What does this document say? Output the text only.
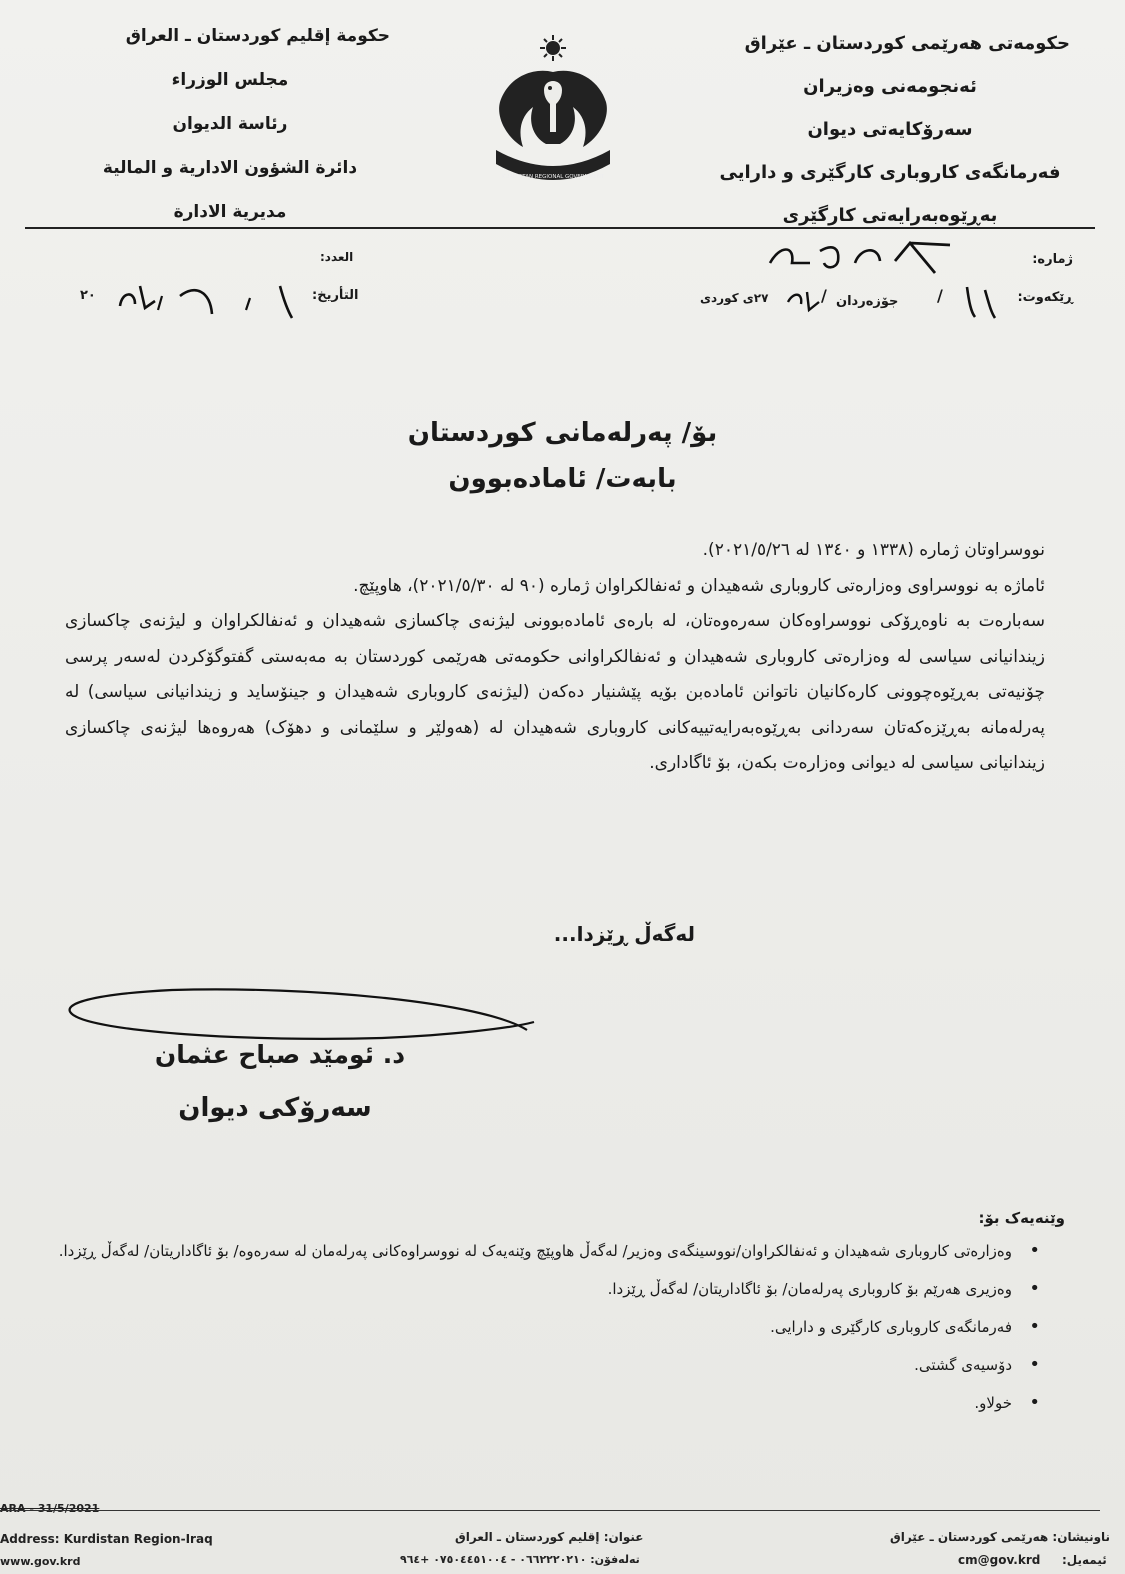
حکومەتی هەرێمی کوردستان ـ عێراق
ئەنجومەنی وەزیران
سەرۆکایەتی دیوان
فەرمانگەی کاروباری کارگێری و دارایی
بەڕێوەبەرایەتی کارگێری
حكومة إقليم كوردستان ـ العراق
مجلس الوزراء
رئاسة الديوان
دائرة الشؤون الادارية و المالية
مديرية الادارة
KURDISTAN REGIONAL GOVERNMENT
ژمارە:
ڕێکەوت:
/
جۆزەردان
/
٢٧ی کوردی
العدد:
التأريخ:
٢٠
بۆ/ پەرلەمانی کوردستان
بابەت/ ئامادەبوون

نووسراوتان ژمارە (١٣٣٨ و ١٣٤٠ لە ٢٠٢١/٥/٢٦).

ئاماژە بە نووسراوی وەزارەتی کاروباری شەهیدان و ئەنفالکراوان ژمارە (٩٠ لە ٢٠٢١/٥/٣٠)، هاوپێچ.

سەبارەت بە ناوەڕۆکی نووسراوەکان سەرەوەتان، لە بارەی ئامادەبوونی لیژنەی چاکسازی شەهیدان و ئەنفالکراوان و لیژنەی چاکسازی زیندانیانی سیاسی لە وەزارەتی کاروباری شەهیدان و ئەنفالکراوانی حکومەتی هەرێمی کوردستان بە مەبەستی گفتوگۆکردن لەسەر پرسی چۆنیەتی بەڕێوەچوونی کارەکانیان ناتوانن ئامادەبن بۆیە پێشنیار دەکەن (لیژنەی کاروباری شەهیدان و جینۆساید و زیندانیانی سیاسی) لە پەرلەمانە بەڕێزەکەتان سەردانی بەڕێوەبەرایەتییەکانی کاروباری شەهیدان لە (هەولێر و سلێمانی و دهۆک) هەروەها لیژنەی چاکسازی زیندانیانی سیاسی لە دیوانی وەزارەت بکەن، بۆ ئاگاداری.

لەگەڵ ڕێزدا...
د. ئومێد صباح عثمان
سەرۆکی دیوان
وێنەیەک بۆ:
•
وەزارەتی کاروباری شەهیدان و ئەنفالکراوان/نووسینگەی وەزیر/ لەگەڵ هاوپێچ وێنەیەک لە نووسراوەکانی پەرلەمان لە سەرەوە/ بۆ ئاگاداریتان/ لەگەڵ ڕێزدا.
•
وەزیری هەرێم بۆ کاروباری پەرلەمان/ بۆ ئاگاداریتان/ لەگەڵ ڕێزدا.
•
فەرمانگەی کاروباری کارگێری و دارایی.
•
دۆسیەی گشتی.
•
خولاو.
ARA - 31/5/2021
Address: Kurdistan Region-Iraq
www.gov.krd
عنوان: إقليم كوردستان ـ العراق
تەلەفۆن: ٠٦٦٢٢٢٠٢١٠ - ٠٧٥٠٤٤٥١٠٠٤ +٩٦٤
ناونیشان: هەرێمی کوردستان ـ عێراق
ئیمەیل:
cm@gov.krd
